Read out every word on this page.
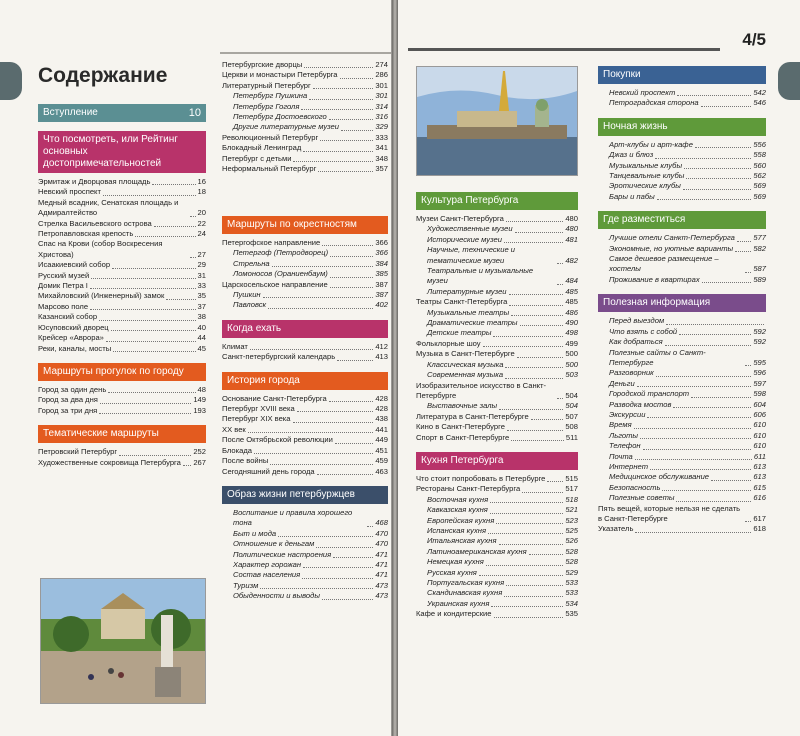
Содержание
Вступление	10
Что посмотреть, или Рейтинг основных достопримечательностей
Эрмитаж и Дворцовая площадь	16
Невский проспект	18
Медный всадник, Сенатская площадь и Адмиралтейство	20
Стрелка Васильевского острова	22
Петропавловская крепость	24
Спас на Крови (собор Воскресения Христова)	27
Исаакиевский собор	29
Русский музей	31
Домик Петра I	33
Михайловский (Инженерный) замок	35
Марсово поле	37
Казанский собор	38
Юсуповский дворец	40
Крейсер «Аврора»	44
Реки, каналы, мосты	45
Маршруты прогулок по городу
Город за один день	48
Город за два дня	149
Город за три дня	193
Тематические маршруты
Петровский Петербург	252
Художественные сокровища Петербурга 267
Петербургские дворцы	274
Церкви и монастыри Петербурга	286
Литературный Петербург	301
Петербург Пушкина	301
Петербург Гоголя	314
Петербург Достоевского	316
Другие литературные музеи	329
Революционный Петербург	333
Блокадный Ленинград	341
Петербург с детьми	348
Неформальный Петербург	357
Маршруты по окрестностям
Петергофское направление	366
Петергоф (Петродворец)	366
Стрельна	384
Ломоносов (Ораниенбаум)	385
Царскосельское направление	387
Пушкин	387
Павловск	402
Когда ехать
Климат	412
Санкт-петербургский календарь	413
История города
Основание Санкт-Петербурга	428
Петербург XVIII века	428
Петербург XIX века	438
XX век	441
После Октябрьской революции	449
Блокада	451
После войны	459
Сегодняшний день города	463
Образ жизни петербуржцев
Воспитание и правила хорошего тона	468
Быт и мода	470
Отношение к деньгам	470
Политические настроения	471
Характер горожан	471
Состав населения	471
Туризм	473
Обыденности и выводы	473
4/5
Культура Петербурга
Музеи Санкт-Петербурга	480
Художественные музеи	480
Исторические музеи	481
Научные, технические и тематические музеи	482
Театральные и музыкальные музеи	484
Литературные музеи	485
Театры Санкт-Петербурга	485
Музыкальные театры	486
Драматические театры	490
Детские театры	498
Фольклорные шоу	499
Музыка в Санкт-Петербурге	500
Классическая музыка	500
Современная музыка	503
Изобразительное искусство в Санкт-Петербурге	504
Выставочные залы	504
Литература в Санкт-Петербурге	507
Кино в Санкт-Петербурге	508
Спорт в Санкт-Петербурге	511
Кухня Петербурга
Что стоит попробовать в Петербурге	515
Рестораны Санкт-Петербурга	517
Восточная кухня	518
Кавказская кухня	521
Европейская кухня	523
Испанская кухня	525
Итальянская кухня	526
Латиноамериканская кухня	528
Немецкая кухня	528
Русская кухня	529
Португальская кухня	533
Скандинавская кухня	533
Украинская кухня	534
Кафе и кондитерские	535
Покупки
Невский проспект	542
Петроградская сторона	546
Ночная жизнь
Арт-клубы и арт-кафе	556
Джаз и блюз	558
Музыкальные клубы	560
Танцевальные клубы	562
Эротические клубы	569
Бары и пабы	569
Где разместиться
Лучшие отели Санкт-Петербурга 577
Экономные, но уютные варианты	582
Самое дешевое размещение – хостелы	587
Проживание в квартирах	589
Полезная информация
Перед выездом
Что взять с собой	592
Как добраться	592
Полезные сайты о Санкт-Петербурге	595
Разговорник	596
Деньги	597
Городской транспорт	598
Разводка мостов	604
Экскурсии	606
Время	610
Льготы	610
Телефон	610
Почта	611
Интернет	613
Медицинское обслуживание	613
Безопасность	615
Полезные советы	616
Пять вещей, которые нельзя не сделать в Санкт-Петербурге	617
Указатель	618
